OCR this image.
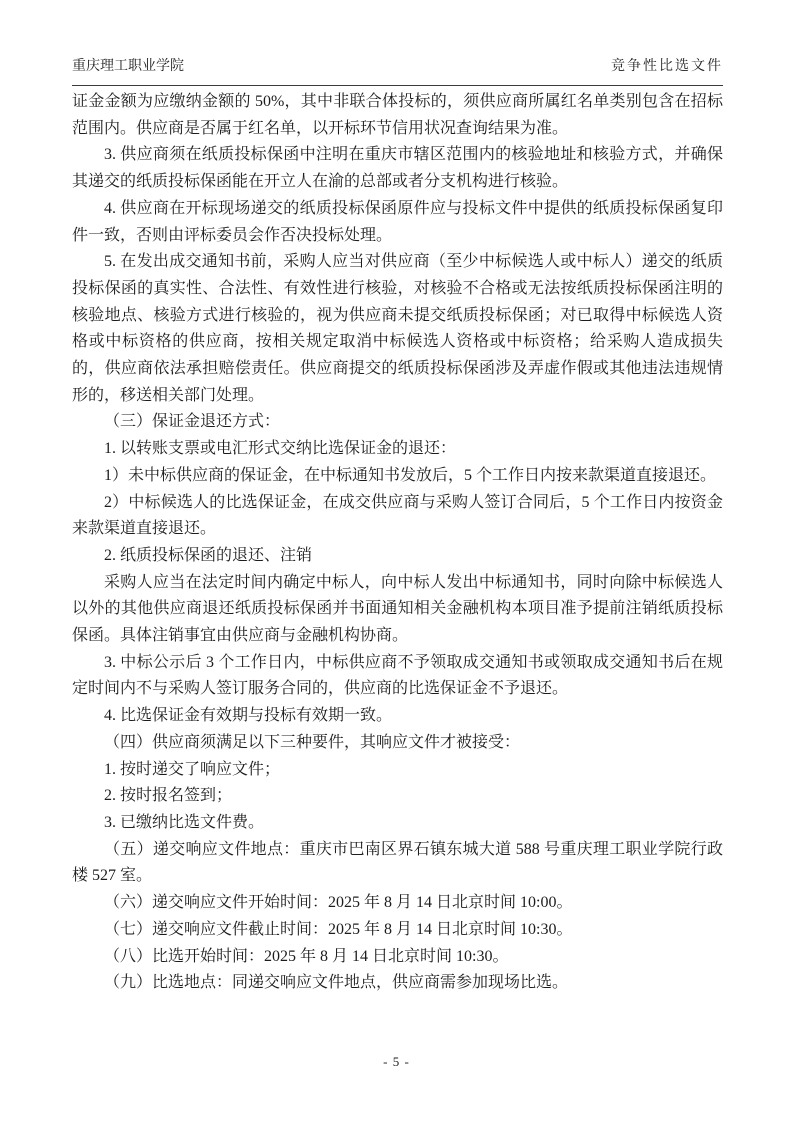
重庆理工职业学院	竞争性比选文件

证金金额为应缴纳金额的 50%，其中非联合体投标的，须供应商所属红名单类别包含在招标范围内。供应商是否属于红名单，以开标环节信用状况查询结果为准。

3. 供应商须在纸质投标保函中注明在重庆市辖区范围内的核验地址和核验方式，并确保其递交的纸质投标保函能在开立人在渝的总部或者分支机构进行核验。

4. 供应商在开标现场递交的纸质投标保函原件应与投标文件中提供的纸质投标保函复印件一致，否则由评标委员会作否决投标处理。

5. 在发出成交通知书前，采购人应当对供应商（至少中标候选人或中标人）递交的纸质投标保函的真实性、合法性、有效性进行核验，对核验不合格或无法按纸质投标保函注明的核验地点、核验方式进行核验的，视为供应商未提交纸质投标保函；对已取得中标候选人资格或中标资格的供应商，按相关规定取消中标候选人资格或中标资格；给采购人造成损失的，供应商依法承担赔偿责任。供应商提交的纸质投标保函涉及弄虚作假或其他违法违规情形的，移送相关部门处理。

（三）保证金退还方式：

1. 以转账支票或电汇形式交纳比选保证金的退还：

1）未中标供应商的保证金，在中标通知书发放后，5 个工作日内按来款渠道直接退还。

2）中标候选人的比选保证金，在成交供应商与采购人签订合同后，5 个工作日内按资金来款渠道直接退还。

2. 纸质投标保函的退还、注销

采购人应当在法定时间内确定中标人，向中标人发出中标通知书，同时向除中标候选人以外的其他供应商退还纸质投标保函并书面通知相关金融机构本项目准予提前注销纸质投标保函。具体注销事宜由供应商与金融机构协商。

3. 中标公示后 3 个工作日内，中标供应商不予领取成交通知书或领取成交通知书后在规定时间内不与采购人签订服务合同的，供应商的比选保证金不予退还。

4. 比选保证金有效期与投标有效期一致。

（四）供应商须满足以下三种要件，其响应文件才被接受：

1. 按时递交了响应文件；

2. 按时报名签到；

3. 已缴纳比选文件费。

（五）递交响应文件地点：重庆市巴南区界石镇东城大道 588 号重庆理工职业学院行政楼 527 室。

（六）递交响应文件开始时间：2025 年 8 月 14 日北京时间 10:00。

（七）递交响应文件截止时间：2025 年 8 月 14 日北京时间 10:30。

（八）比选开始时间：2025 年 8 月 14 日北京时间 10:30。

（九）比选地点：同递交响应文件地点，供应商需参加现场比选。

- 5 -
